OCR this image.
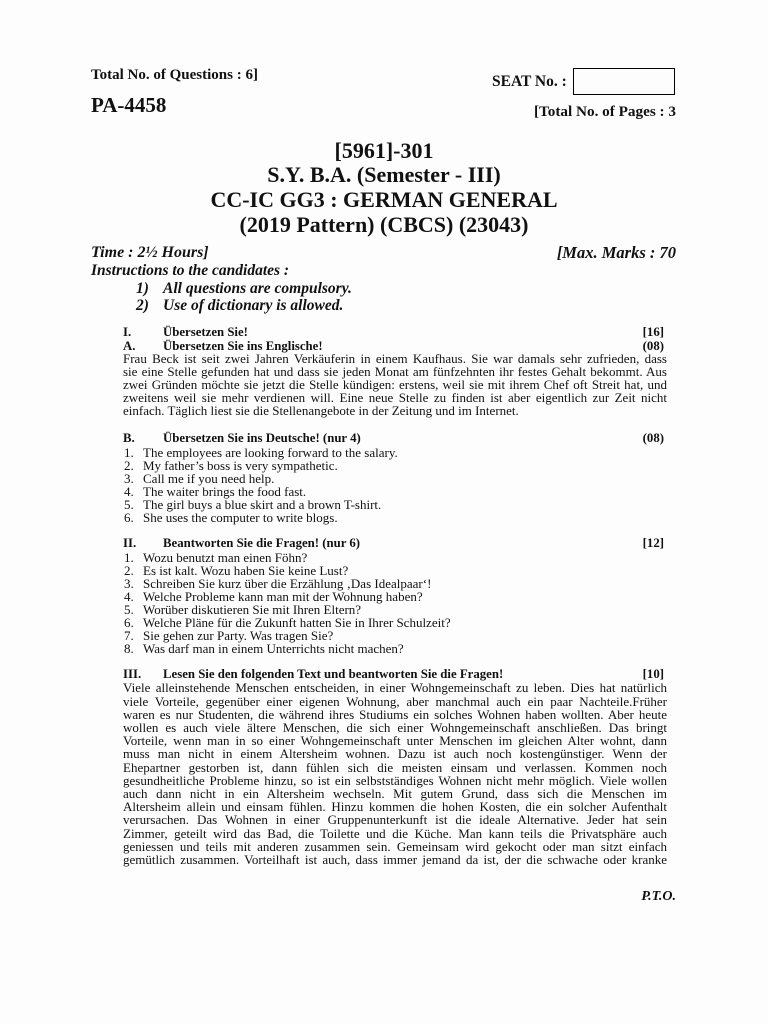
Total No. of Questions : 6]	SEAT No. :
PA-4458	[Total No. of Pages : 3
[5961]-301
S.Y. B.A. (Semester - III)
CC-IC GG3 : GERMAN GENERAL
(2019 Pattern) (CBCS) (23043)
Time : 2½ Hours]	[Max. Marks : 70
Instructions to the candidates :
1) All questions are compulsory.
2) Use of dictionary is allowed.
I. Übersetzen Sie!	[16]
A. Übersetzen Sie ins Englische!	(08)
Frau Beck ist seit zwei Jahren Verkäuferin in einem Kaufhaus. Sie war damals sehr zufrieden, dass
sie eine Stelle gefunden hat und dass sie jeden Monat am fünfzehnten ihr festes Gehalt bekommt. Aus
zwei Gründen möchte sie jetzt die Stelle kündigen: erstens, weil sie mit ihrem Chef oft Streit hat, und
zweitens weil sie mehr verdienen will. Eine neue Stelle zu finden ist aber eigentlich zur Zeit nicht
einfach. Täglich liest sie die Stellenangebote in der Zeitung und im Internet.
B. Übersetzen Sie ins Deutsche! (nur 4)	(08)
1. The employees are looking forward to the salary.
2. My father’s boss is very sympathetic.
3. Call me if you need help.
4. The waiter brings the food fast.
5. The girl buys a blue skirt and a brown T-shirt.
6. She uses the computer to write blogs.
II. Beantworten Sie die Fragen! (nur 6)	[12]
1. Wozu benutzt man einen Föhn?
2. Es ist kalt. Wozu haben Sie keine Lust?
3. Schreiben Sie kurz über die Erzählung ‚Das Idealpaar‘!
4. Welche Probleme kann man mit der Wohnung haben?
5. Worüber diskutieren Sie mit Ihren Eltern?
6. Welche Pläne für die Zukunft hatten Sie in Ihrer Schulzeit?
7. Sie gehen zur Party. Was tragen Sie?
8. Was darf man in einem Unterrichts nicht machen?
III. Lesen Sie den folgenden Text und beantworten Sie die Fragen!	[10]
Viele alleinstehende Menschen entscheiden, in einer Wohngemeinschaft zu leben. Dies hat natürlich
viele Vorteile, gegenüber einer eigenen Wohnung, aber manchmal auch ein paar Nachteile.Früher
waren es nur Studenten, die während ihres Studiums ein solches Wohnen haben wollten. Aber heute
wollen es auch viele ältere Menschen, die sich einer Wohngemeinschaft anschließen. Das bringt
Vorteile, wenn man in so einer Wohngemeinschaft unter Menschen im gleichen Alter wohnt, dann
muss man nicht in einem Altersheim wohnen. Dazu ist auch noch kostengünstiger. Wenn der
Ehepartner gestorben ist, dann fühlen sich die meisten einsam und verlassen. Kommen noch
gesundheitliche Probleme hinzu, so ist ein selbstständiges Wohnen nicht mehr möglich. Viele wollen
auch dann nicht in ein Altersheim wechseln. Mit gutem Grund, dass sich die Menschen im
Altersheim allein und einsam fühlen. Hinzu kommen die hohen Kosten, die ein solcher Aufenthalt
verursachen. Das Wohnen in einer Gruppenunterkunft ist die ideale Alternative. Jeder hat sein
Zimmer, geteilt wird das Bad, die Toilette und die Küche. Man kann teils die Privatsphäre auch
geniessen und teils mit anderen zusammen sein. Gemeinsam wird gekocht oder man sitzt einfach
gemütlich zusammen. Vorteilhaft ist auch, dass immer jemand da ist, der die schwache oder kranke
P.T.O.
